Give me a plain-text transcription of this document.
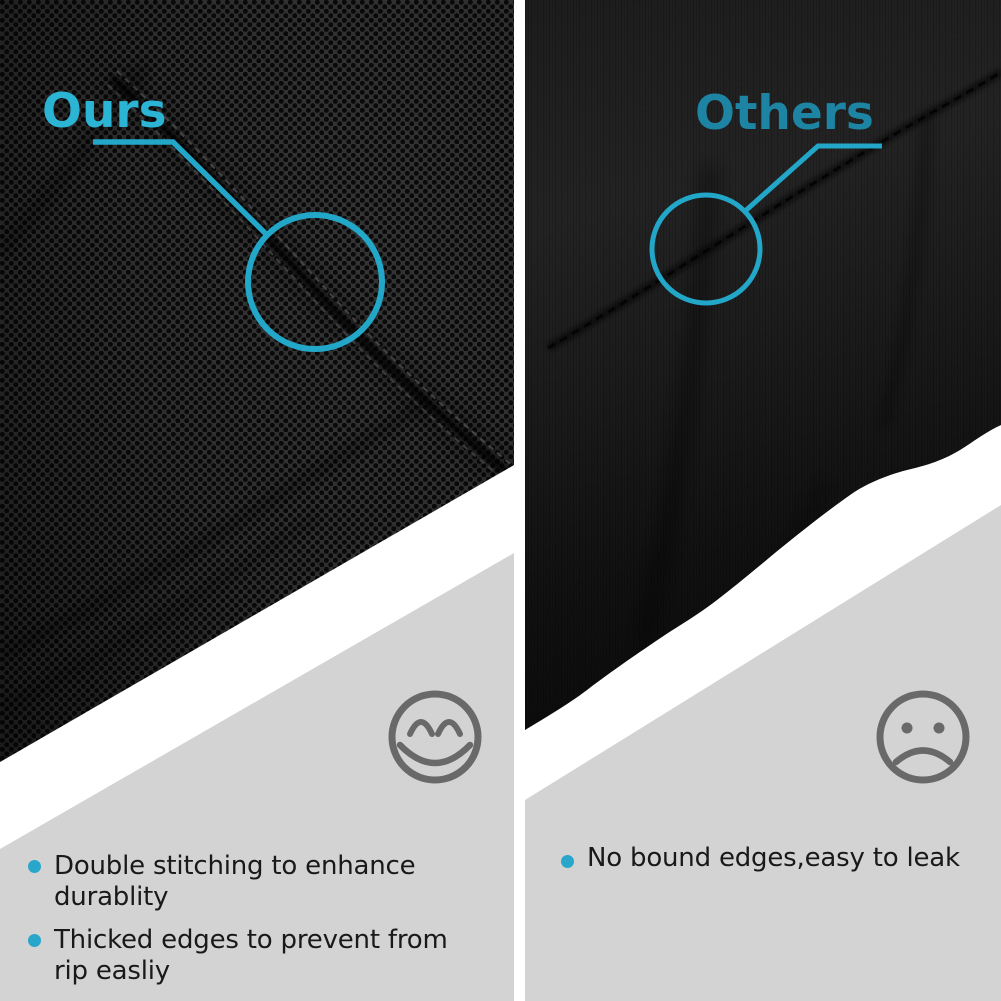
Ours
Double stitching to enhance
durablity
Thicked edges to prevent from
rip easliy
Others
No bound edges,easy to leak
